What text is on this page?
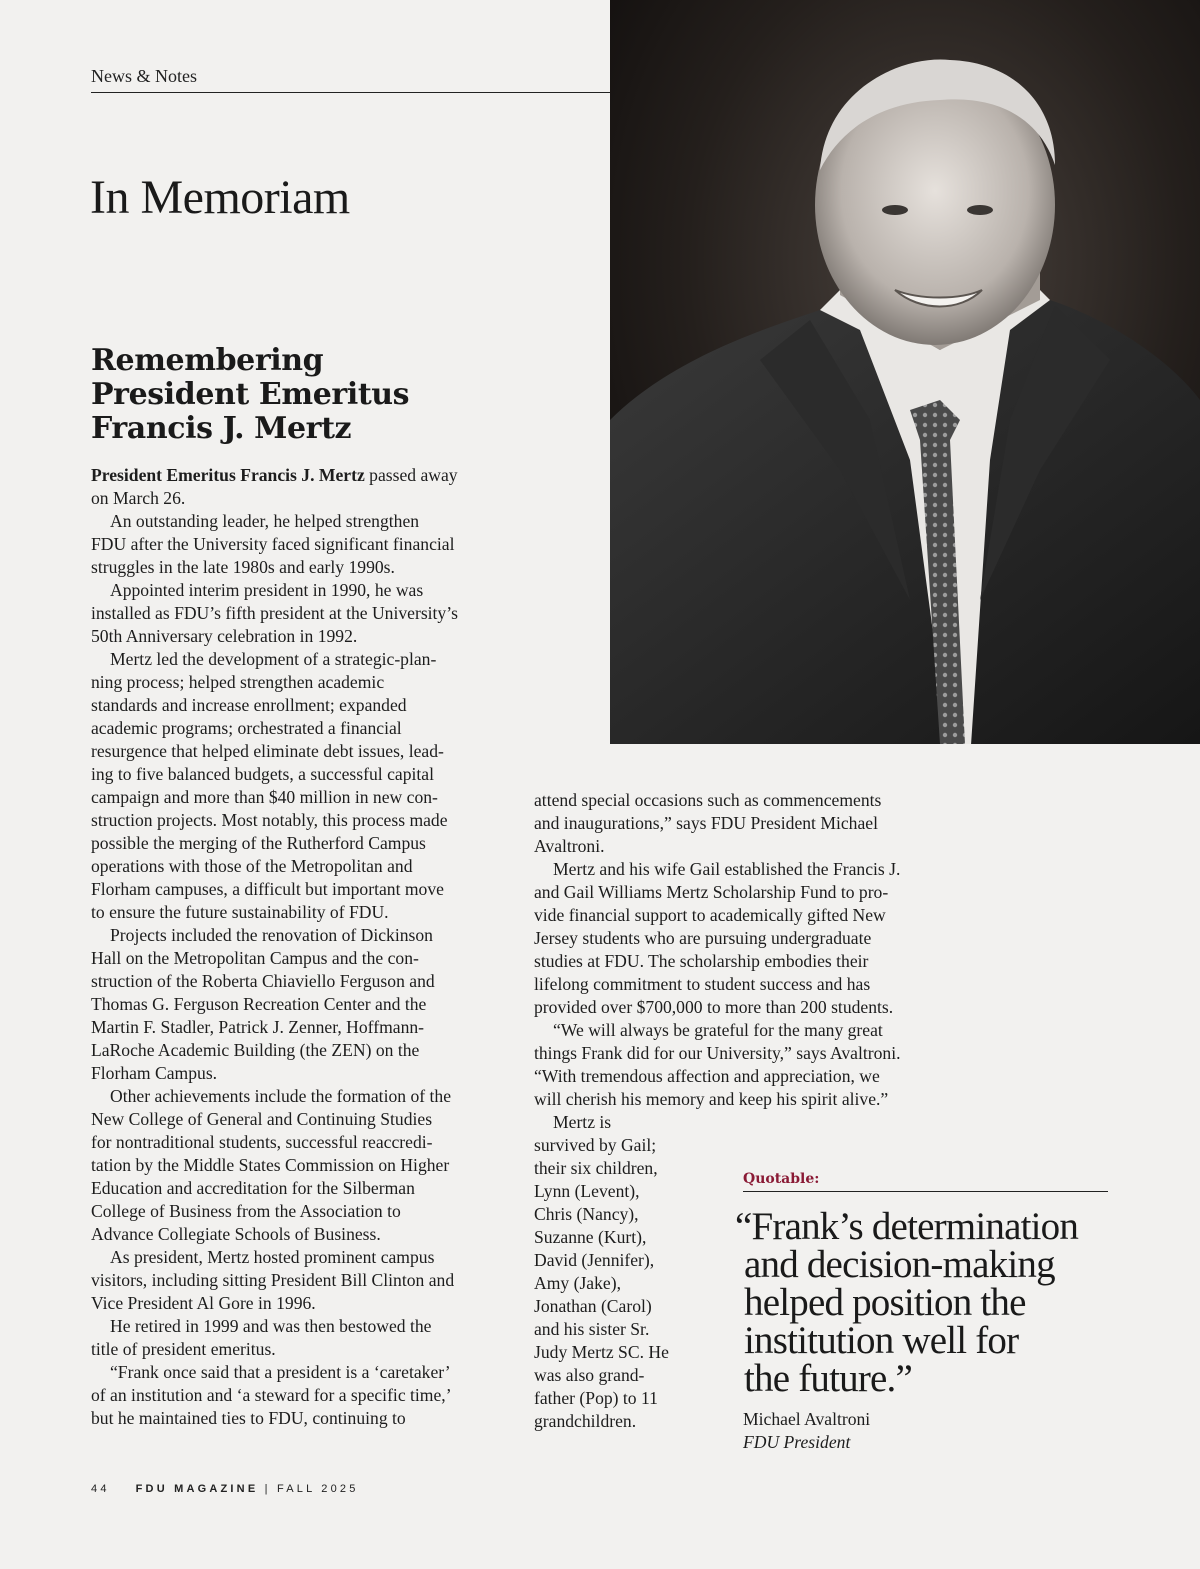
News & Notes
In Memoriam
Remembering
President Emeritus
Francis J. Mertz
President Emeritus Francis J. Mertz passed away
on March 26.
An outstanding leader, he helped strengthen
FDU after the University faced significant financial
struggles in the late 1980s and early 1990s.
Appointed interim president in 1990, he was
installed as FDU’s fifth president at the University’s
50th Anniversary celebration in 1992.
Mertz led the development of a strategic-plan-
ning process; helped strengthen academic
standards and increase enrollment; expanded
academic programs; orchestrated a financial
resurgence that helped eliminate debt issues, lead-
ing to five balanced budgets, a successful capital
campaign and more than $40 million in new con-
struction projects. Most notably, this process made
possible the merging of the Rutherford Campus
operations with those of the Metropolitan and
Florham campuses, a difficult but important move
to ensure the future sustainability of FDU.
Projects included the renovation of Dickinson
Hall on the Metropolitan Campus and the con-
struction of the Roberta Chiaviello Ferguson and
Thomas G. Ferguson Recreation Center and the
Martin F. Stadler, Patrick J. Zenner, Hoffmann-
LaRoche Academic Building (the ZEN) on the
Florham Campus.
Other achievements include the formation of the
New College of General and Continuing Studies
for nontraditional students, successful reaccredi-
tation by the Middle States Commission on Higher
Education and accreditation for the Silberman
College of Business from the Association to
Advance Collegiate Schools of Business.
As president, Mertz hosted prominent campus
visitors, including sitting President Bill Clinton and
Vice President Al Gore in 1996.
He retired in 1999 and was then bestowed the
title of president emeritus.
“Frank once said that a president is a ‘caretaker’
of an institution and ‘a steward for a specific time,’
but he maintained ties to FDU, continuing to
attend special occasions such as commencements
and inaugurations,” says FDU President Michael
Avaltroni.
Mertz and his wife Gail established the Francis J.
and Gail Williams Mertz Scholarship Fund to pro-
vide financial support to academically gifted New
Jersey students who are pursuing undergraduate
studies at FDU. The scholarship embodies their
lifelong commitment to student success and has
provided over $700,000 to more than 200 students.
“We will always be grateful for the many great
things Frank did for our University,” says Avaltroni.
“With tremendous affection and appreciation, we
will cherish his memory and keep his spirit alive.”
Mertz is
survived by Gail;
their six children,
Lynn (Levent),
Chris (Nancy),
Suzanne (Kurt),
David (Jennifer),
Amy (Jake),
Jonathan (Carol)
and his sister Sr.
Judy Mertz SC. He
was also grand-
father (Pop) to 11
grandchildren.
Quotable:
“Frank’s determination
and decision-making
helped position the
institution well for
the future.”
Michael Avaltroni
FDU President
44 FDU MAGAZINE | FALL 2025
